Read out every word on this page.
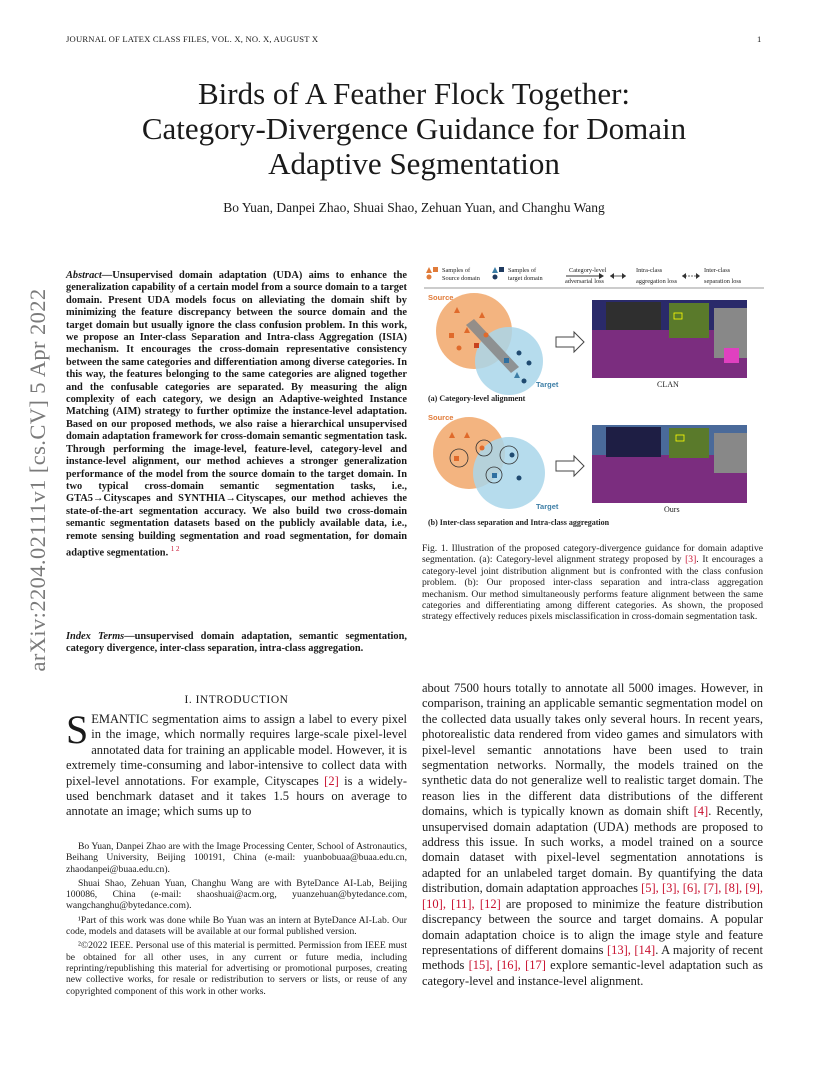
JOURNAL OF LATEX CLASS FILES, VOL. X, NO. X, AUGUST X	1
Birds of A Feather Flock Together:
Category-Divergence Guidance for Domain
Adaptive Segmentation
Bo Yuan, Danpei Zhao, Shuai Shao, Zehuan Yuan, and Changhu Wang
arXiv:2204.02111v1 [cs.CV] 5 Apr 2022
Abstract—Unsupervised domain adaptation (UDA) aims to enhance the generalization capability of a certain model from a source domain to a target domain. Present UDA models focus on alleviating the domain shift by minimizing the feature discrepancy between the source domain and the target domain but usually ignore the class confusion problem. In this work, we propose an Inter-class Separation and Intra-class Aggregation (ISIA) mechanism. It encourages the cross-domain representative consistency between the same categories and differentiation among diverse categories. In this way, the features belonging to the same categories are aligned together and the confusable categories are separated. By measuring the align complexity of each category, we design an Adaptive-weighted Instance Matching (AIM) strategy to further optimize the instance-level adaptation. Based on our proposed methods, we also raise a hierarchical unsupervised domain adaptation framework for cross-domain semantic segmentation task. Through performing the image-level, feature-level, category-level and instance-level alignment, our method achieves a stronger generalization performance of the model from the source domain to the target domain. In two typical cross-domain semantic segmentation tasks, i.e., GTA5→Cityscapes and SYNTHIA→Cityscapes, our method achieves the state-of-the-art segmentation accuracy. We also build two cross-domain semantic segmentation datasets based on the publicly available data, i.e., remote sensing building segmentation and road segmentation, for domain adaptive segmentation. $^{1 2}$
Index Terms—unsupervised domain adaptation, semantic segmentation, category divergence, inter-class separation, intra-class aggregation.
I. INTRODUCTION
SEMANTIC segmentation aims to assign a label to every pixel in the image, which normally requires large-scale pixel-level annotated data for training an applicable model. However, it is extremely time-consuming and labor-intensive to collect data with pixel-level annotations. For example, Cityscapes [2] is a widely-used benchmark dataset and it takes 1.5 hours on average to annotate an image; which sums up to

Bo Yuan, Danpei Zhao are with the Image Processing Center, School of Astronautics, Beihang University, Beijing 100191, China (e-mail: yuanbobuaa@buaa.edu.cn, zhaodanpei@buaa.edu.cn).

Shuai Shao, Zehuan Yuan, Changhu Wang are with ByteDance AI-Lab, Beijing 100086, China (e-mail: shaoshuai@acm.org, yuanzehuan@bytedance.com, wangchanghu@bytedance.com).

¹Part of this work was done while Bo Yuan was an intern at ByteDance AI-Lab. Our code, models and datasets will be available at our formal published version.

²©2022 IEEE. Personal use of this material is permitted. Permission from IEEE must be obtained for all other uses, in any current or future media, including reprinting/republishing this material for advertising or promotional purposes, creating new collective works, for resale or redistribution to servers or lists, or reuse of any copyrighted component of this work in other works.

Samples of
Source domain
Samples of
target domain
Category-level
adversarial loss
Intra-class
aggregation loss
Inter-class
separation loss
Source
Target	CLAN
(a) Category-level alignment
Source
Target	Ours
(b) Inter-class separation and Intra-class aggregation
Fig. 1. Illustration of the proposed category-divergence guidance for domain adaptive segmentation. (a): Category-level alignment strategy proposed by [3]. It encourages a category-level joint distribution alignment but is confronted with the class confusion problem. (b): Our proposed inter-class separation and intra-class aggregation mechanism. Our method simultaneously performs feature alignment between the same categories and differentiating among different categories. As shown, the proposed strategy effectively reduces pixels misclassification in cross-domain segmentation task.
about 7500 hours totally to annotate all 5000 images. However, in comparison, training an applicable semantic segmentation model on the collected data usually takes only several hours. In recent years, photorealistic data rendered from video games and simulators with pixel-level semantic annotations have been used to train segmentation networks. Normally, the models trained on the synthetic data do not generalize well to realistic target domain. The reason lies in the different data distributions of the different domains, which is typically known as domain shift [4]. Recently, unsupervised domain adaptation (UDA) methods are proposed to address this issue. In such works, a model trained on a source domain dataset with pixel-level segmentation annotations is adapted for an unlabeled target domain. By quantifying the data distribution, domain adaptation approaches [5], [3], [6], [7], [8], [9], [10], [11], [12] are proposed to minimize the feature distribution discrepancy between the source and target domains. A popular domain adaptation choice is to align the image style and feature representations of different domains [13], [14]. A majority of recent methods [15], [16], [17] explore semantic-level adaptation such as category-level and instance-level alignment.
